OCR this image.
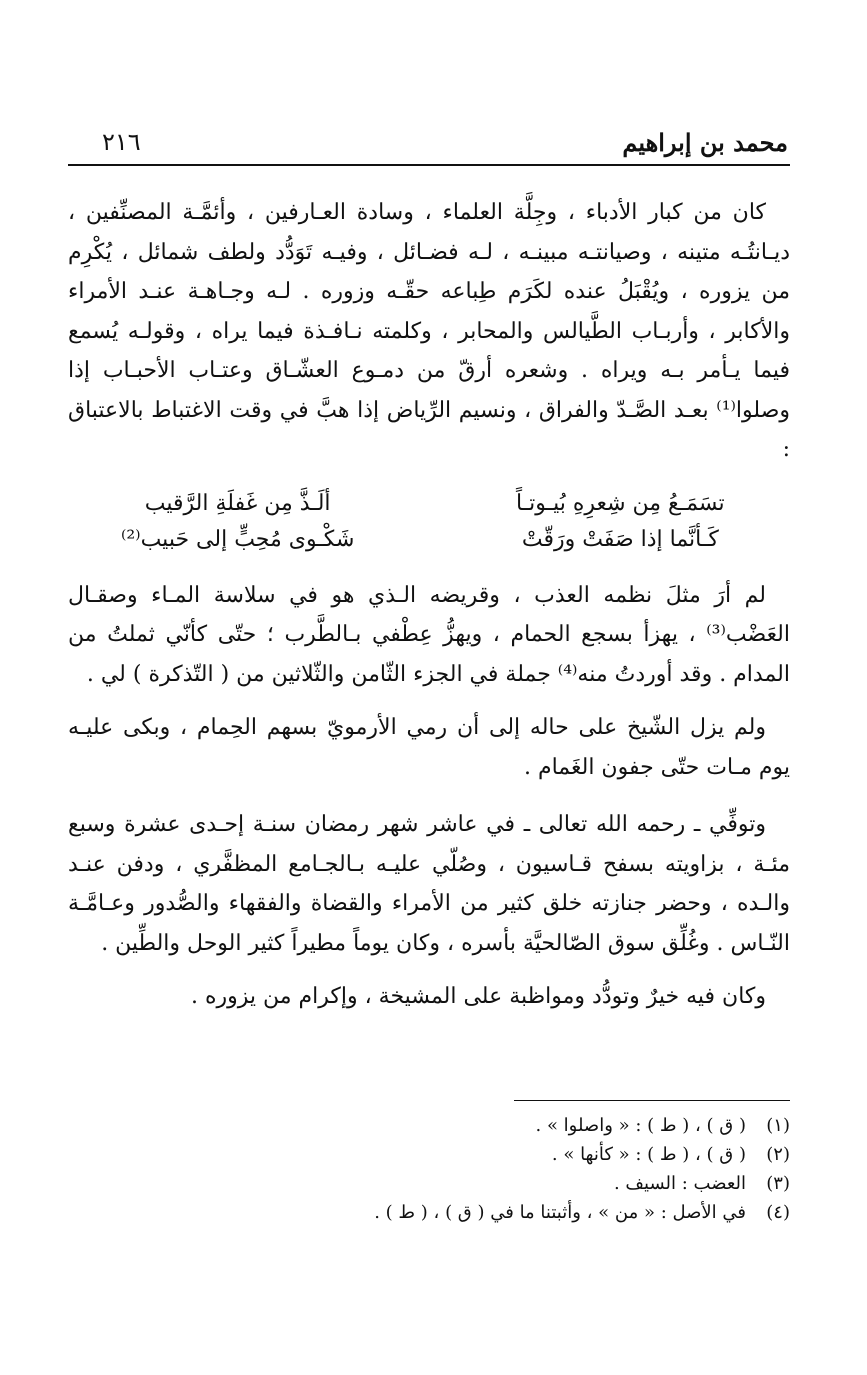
محمد بن إبراهيم
٢١٦

كان من كبار الأدباء ، وجِلَّة العلماء ، وسادة العـارفين ، وأئمَّـة المصنِّفين ، ديـانتُـه متينه ، وصيانتـه مبينـه ، لـه فضـائل ، وفيـه تَوَدُّد ولطف شمائل ، يُكْرِم من يزوره ، ويُقْبَلُ عنده لكَرَم طِباعه حقّـه وزوره . لـه وجـاهـة عنـد الأمراء والأكابر ، وأربـاب الطَّيالس والمحابر ، وكلمته نـافـذة فيما يراه ، وقولـه يُسمع فيما يـأمر بـه ويراه . وشعره أرقّ من دمـوع العشّـاق وعتـاب الأحبـاب إذا وصلوا⁽¹⁾ بعـد الصَّـدّ والفراق ، ونسيم الرِّياض إذا هبَّ في وقت الاغتباط بالاعتباق :

تسَمَـعُ مِن شِعرِهِ بُيـوتـاً
ألَـذَّ مِن غَفلَةِ الرَّقيب
كَـأنَّما إذا صَفَتْ ورَقّتْ
شَكْـوى مُحِبٍّ إلى حَبيب⁽²⁾

لم أرَ مثلَ نظمه العذب ، وقريضه الـذي هو في سلاسة المـاء وصقـال العَضْب⁽³⁾ ، يهزأ بسجع الحمام ، ويهزُّ عِطْفي بـالطَّرب ؛ حتّى كأنّي ثملتُ من المدام . وقد أوردتُ منه⁽⁴⁾ جملة في الجزء الثّامن والثّلاثين من ( التّذكرة ) لي .

ولم يزل الشّيخ على حاله إلى أن رمي الأرمويّ بسهم الحِمام ، وبكى عليـه يوم مـات حتّى جفون الغَمام .

وتوفِّي ـ رحمه الله تعالى ـ في عاشر شهر رمضان سنـة إحـدى عشرة وسبع مئـة ، بزاويته بسفح قـاسيون ، وصُلّي عليـه بـالجـامع المظفَّري ، ودفن عنـد والـده ، وحضر جنازته خلق كثير من الأمراء والقضاة والفقهاء والصُّدور وعـامَّـة النّـاس . وغُلِّق سوق الصّالحيَّة بأسره ، وكان يوماً مطيراً كثير الوحل والطِّين .

وكان فيه خيرٌ وتودُّد ومواظبة على المشيخة ، وإكرام من يزوره .

(١)
( ق ) ، ( ط ) : « واصلوا » .
(٢)
( ق ) ، ( ط ) : « كأنها » .
(٣)
العضب : السيف .
(٤)
في الأصل : « من » ، وأثبتنا ما في ( ق ) ، ( ط ) .
